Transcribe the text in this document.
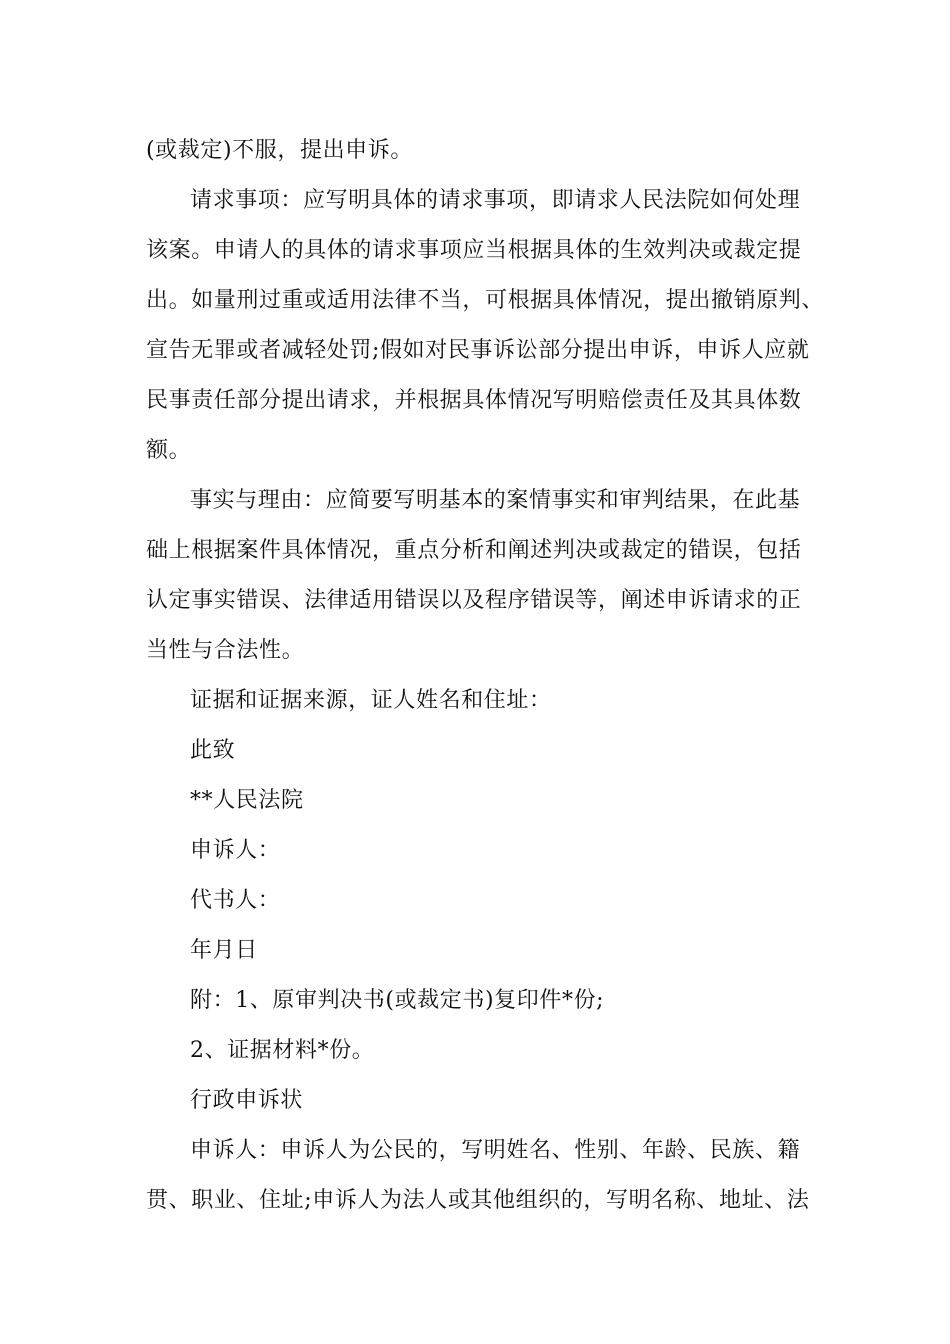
(或裁定)不服，提出申诉。
请求事项：应写明具体的请求事项，即请求人民法院如何处理
该案。申请人的具体的请求事项应当根据具体的生效判决或裁定提
出。如量刑过重或适用法律不当，可根据具体情况，提出撤销原判、
宣告无罪或者减轻处罚;假如对民事诉讼部分提出申诉，申诉人应就
民事责任部分提出请求，并根据具体情况写明赔偿责任及其具体数
额。
事实与理由：应简要写明基本的案情事实和审判结果，在此基
础上根据案件具体情况，重点分析和阐述判决或裁定的错误，包括
认定事实错误、法律适用错误以及程序错误等，阐述申诉请求的正
当性与合法性。
证据和证据来源，证人姓名和住址：
此致
**人民法院
申诉人：
代书人：
年月日
附：1、原审判决书(或裁定书)复印件*份;
2、证据材料*份。
行政申诉状
申诉人：申诉人为公民的，写明姓名、性别、年龄、民族、籍
贯、职业、住址;申诉人为法人或其他组织的，写明名称、地址、法
